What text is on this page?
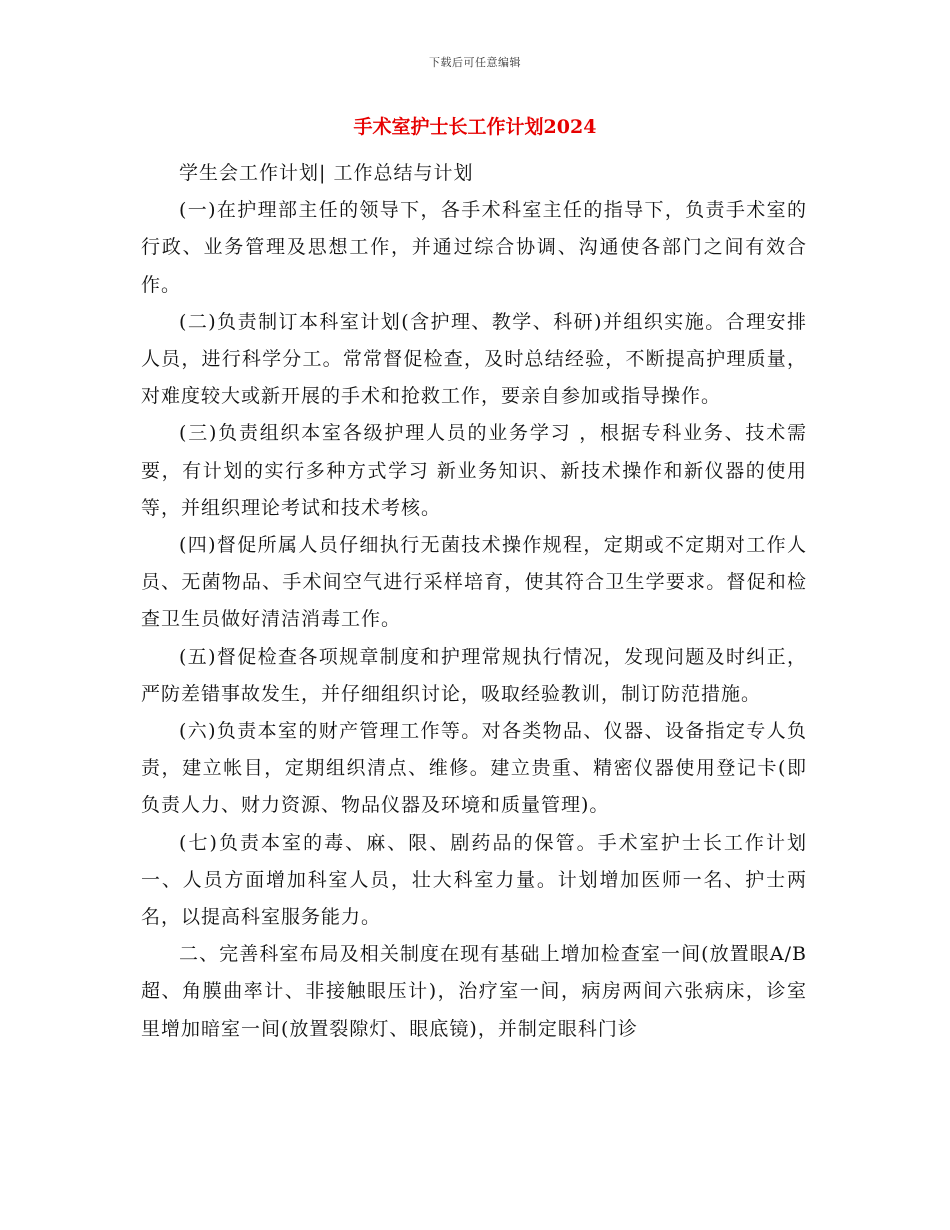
下载后可任意编辑
手术室护士长工作计划2024

学生会工作计划| 工作总结与计划

(一)在护理部主任的领导下，各手术科室主任的指导下，负责手术室的行政、业务管理及思想工作，并通过综合协调、沟通使各部门之间有效合作。

(二)负责制订本科室计划(含护理、教学、科研)并组织实施。合理安排人员，进行科学分工。常常督促检查，及时总结经验，不断提高护理质量，对难度较大或新开展的手术和抢救工作，要亲自参加或指导操作。

(三)负责组织本室各级护理人员的业务学习 ，根据专科业务、技术需要，有计划的实行多种方式学习 新业务知识、新技术操作和新仪器的使用等，并组织理论考试和技术考核。

(四)督促所属人员仔细执行无菌技术操作规程，定期或不定期对工作人员、无菌物品、手术间空气进行采样培育，使其符合卫生学要求。督促和检查卫生员做好清洁消毒工作。

(五)督促检查各项规章制度和护理常规执行情况，发现问题及时纠正，严防差错事故发生，并仔细组织讨论，吸取经验教训，制订防范措施。

(六)负责本室的财产管理工作等。对各类物品、仪器、设备指定专人负责，建立帐目，定期组织清点、维修。建立贵重、精密仪器使用登记卡(即负责人力、财力资源、物品仪器及环境和质量管理)。

(七)负责本室的毒、麻、限、剧药品的保管。手术室护士长工作计划一、人员方面增加科室人员，壮大科室力量。计划增加医师一名、护士两名，以提高科室服务能力。

二、完善科室布局及相关制度在现有基础上增加检查室一间(放置眼A/B超、角膜曲率计、非接触眼压计)，治疗室一间，病房两间六张病床，诊室里增加暗室一间(放置裂隙灯、眼底镜)，并制定眼科门诊
